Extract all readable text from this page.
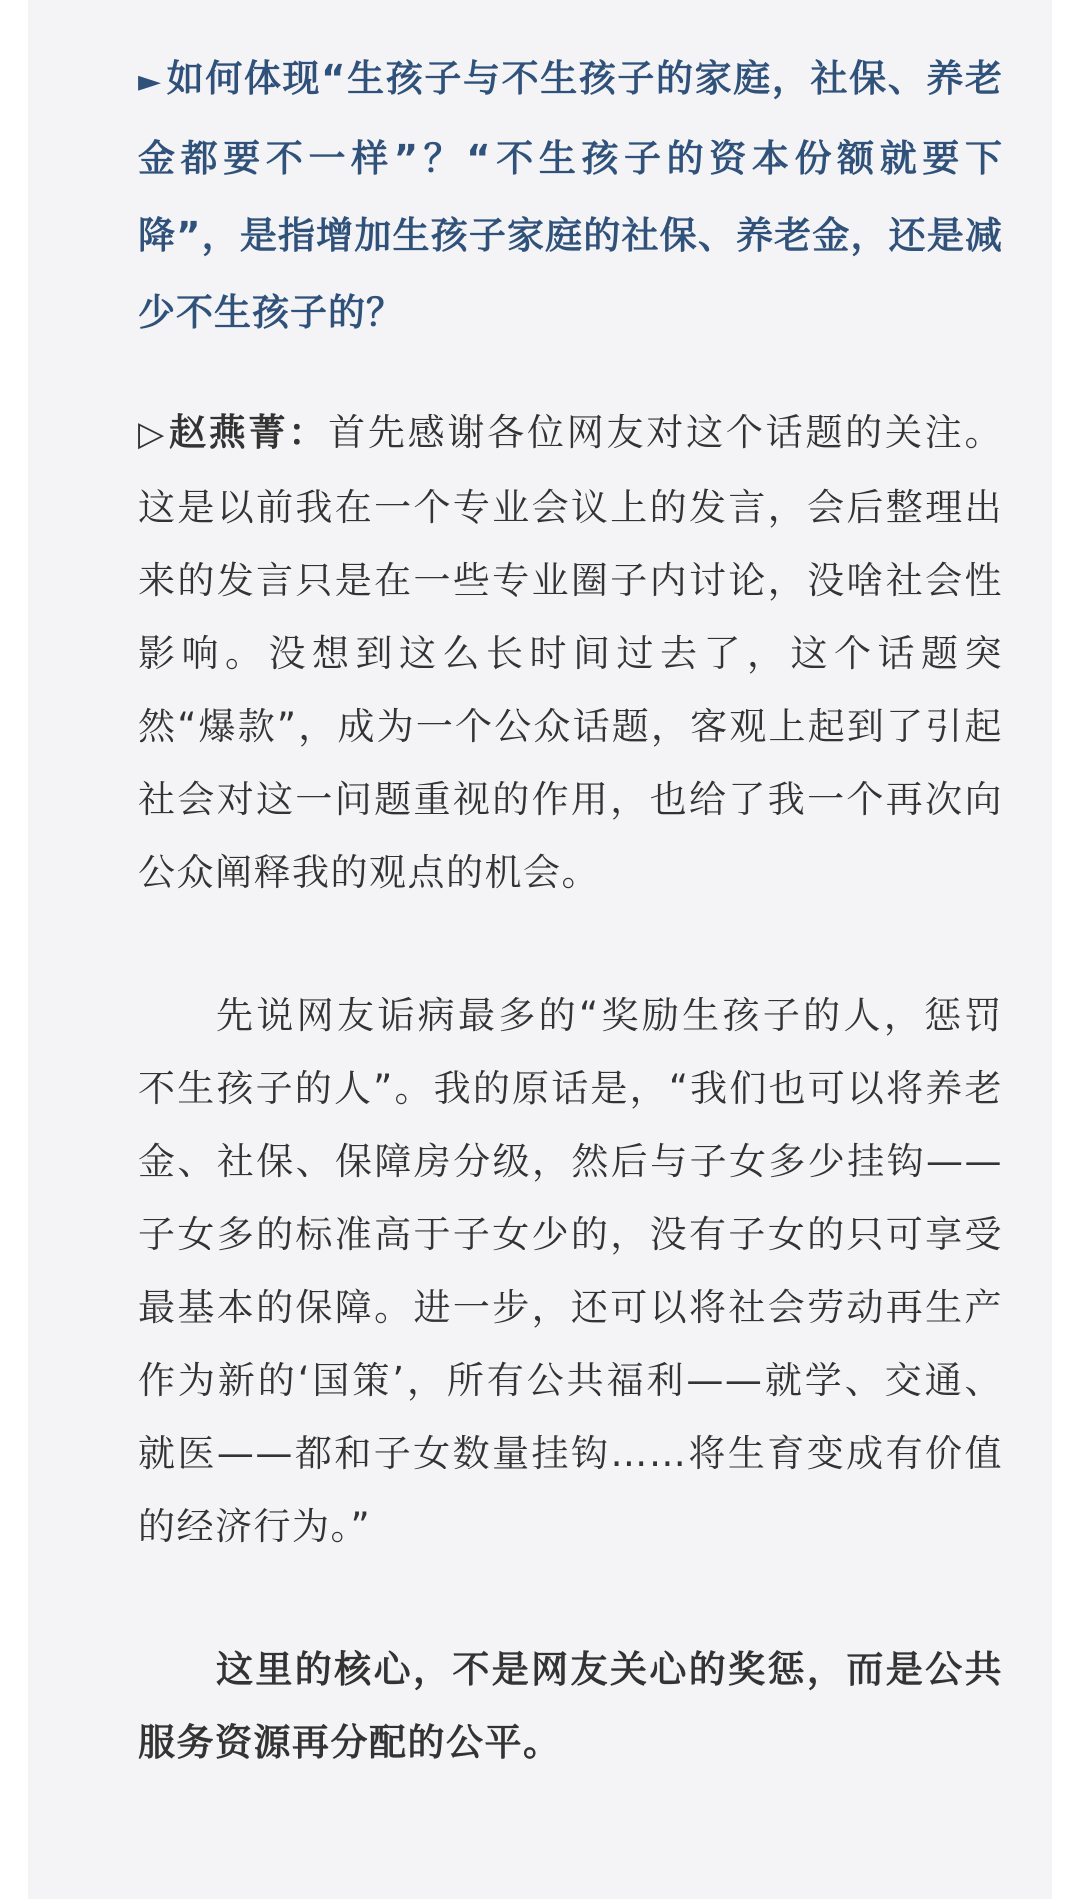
► 如何体现“生孩子与不生孩子的家庭，社保、养老金都要不一样”？“不生孩子的资本份额就要下降”，是指增加生孩子家庭的社保、养老金，还是减少不生孩子的？

▷赵燕菁：首先感谢各位网友对这个话题的关注。这是以前我在一个专业会议上的发言，会后整理出来的发言只是在一些专业圈子内讨论，没啥社会性影响。没想到这么长时间过去了，这个话题突然“爆款”，成为一个公众话题，客观上起到了引起社会对这一问题重视的作用，也给了我一个再次向公众阐释我的观点的机会。

先说网友诟病最多的“奖励生孩子的人，惩罚不生孩子的人”。我的原话是，“我们也可以将养老金、社保、保障房分级，然后与子女多少挂钩——子女多的标准高于子女少的，没有子女的只可享受最基本的保障。进一步，还可以将社会劳动再生产作为新的‘国策’，所有公共福利——就学、交通、就医——都和子女数量挂钩……将生育变成有价值的经济行为。”

这里的核心，不是网友关心的奖惩，而是公共服务资源再分配的公平。
